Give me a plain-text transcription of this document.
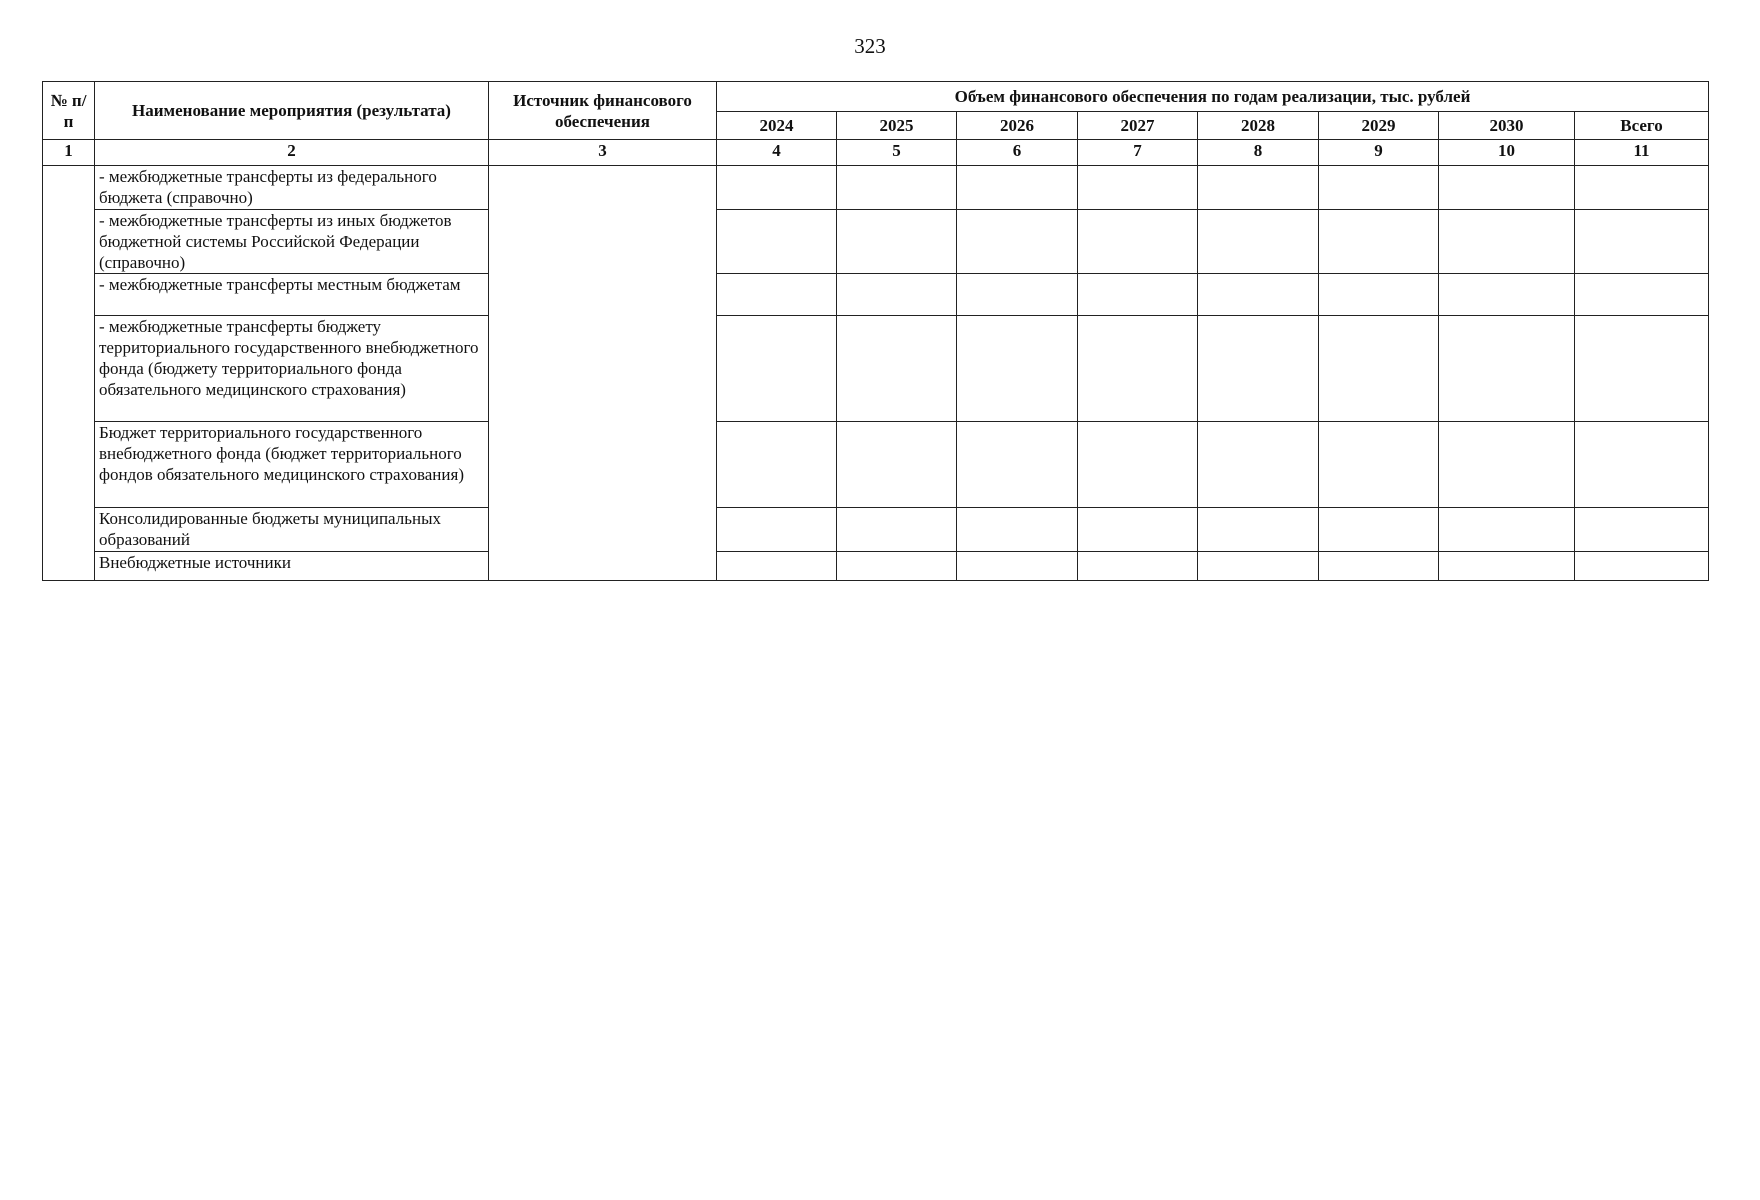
323
№ п/п	Наименование мероприятия (результата)	Источник финансового обеспечения	Объем финансового обеспечения по годам реализации, тыс. рублей							
			2024	2025	2026	2027	2028	2029	2030	Всего
1	2	3	4	5	6	7	8	9	10	11
	- межбюджетные трансферты из федерального бюджета (справочно)									
	- межбюджетные трансферты из иных бюджетов бюджетной системы Российской Федерации (справочно)									
	- межбюджетные трансферты местным бюджетам									
	- межбюджетные трансферты бюджету территориального государственного внебюджетного фонда (бюджету территориального фонда обязательного медицинского страхования)									
	Бюджет территориального государственного внебюджетного фонда (бюджет территориального фондов обязательного медицинского страхования)									
	Консолидированные бюджеты муниципальных образований									
	Внебюджетные источники									
